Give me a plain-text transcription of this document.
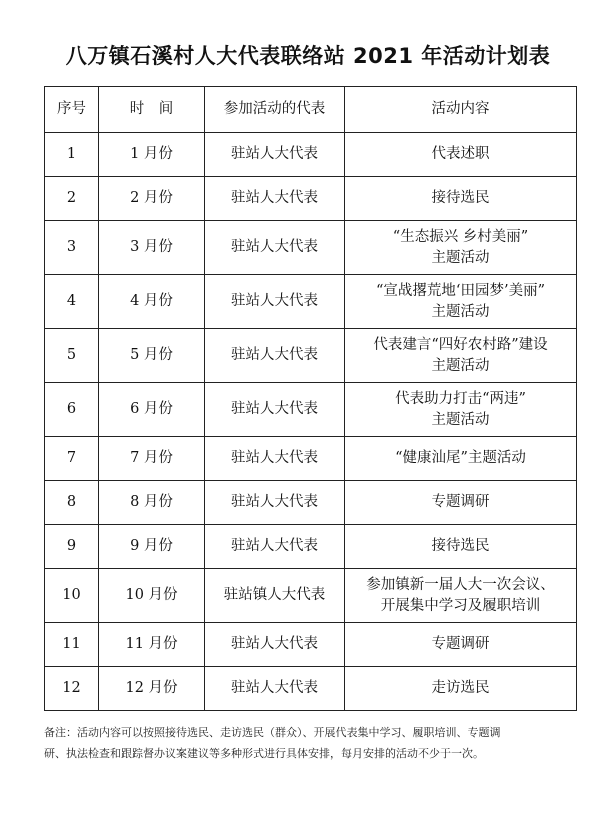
八万镇石溪村人大代表联络站 2021 年活动计划表
序号	时　间	参加活动的代表	活动内容
1	1 月份	驻站人大代表	代表述职

2	2 月份	驻站人大代表	接待选民

3	3 月份	驻站人大代表	“生态振兴 乡村美丽”
主题活动

4	4 月份	驻站人大代表	“宣战撂荒地‘田园梦’美丽”
主题活动

5	5 月份	驻站人大代表	代表建言“四好农村路”建设
主题活动

6	6 月份	驻站人大代表	代表助力打击“两违”
主题活动

7	7 月份	驻站人大代表	“健康汕尾”主题活动

8	8 月份	驻站人大代表	专题调研

9	9 月份	驻站人大代表	接待选民

10	10 月份	驻站镇人大代表	参加镇新一届人大一次会议、
开展集中学习及履职培训

11	11 月份	驻站人大代表	专题调研

12	12 月份	驻站人大代表	走访选民
备注：活动内容可以按照接待选民、走访选民（群众）、开展代表集中学习、履职培训、专题调
研、执法检查和跟踪督办议案建议等多种形式进行具体安排，每月安排的活动不少于一次。
